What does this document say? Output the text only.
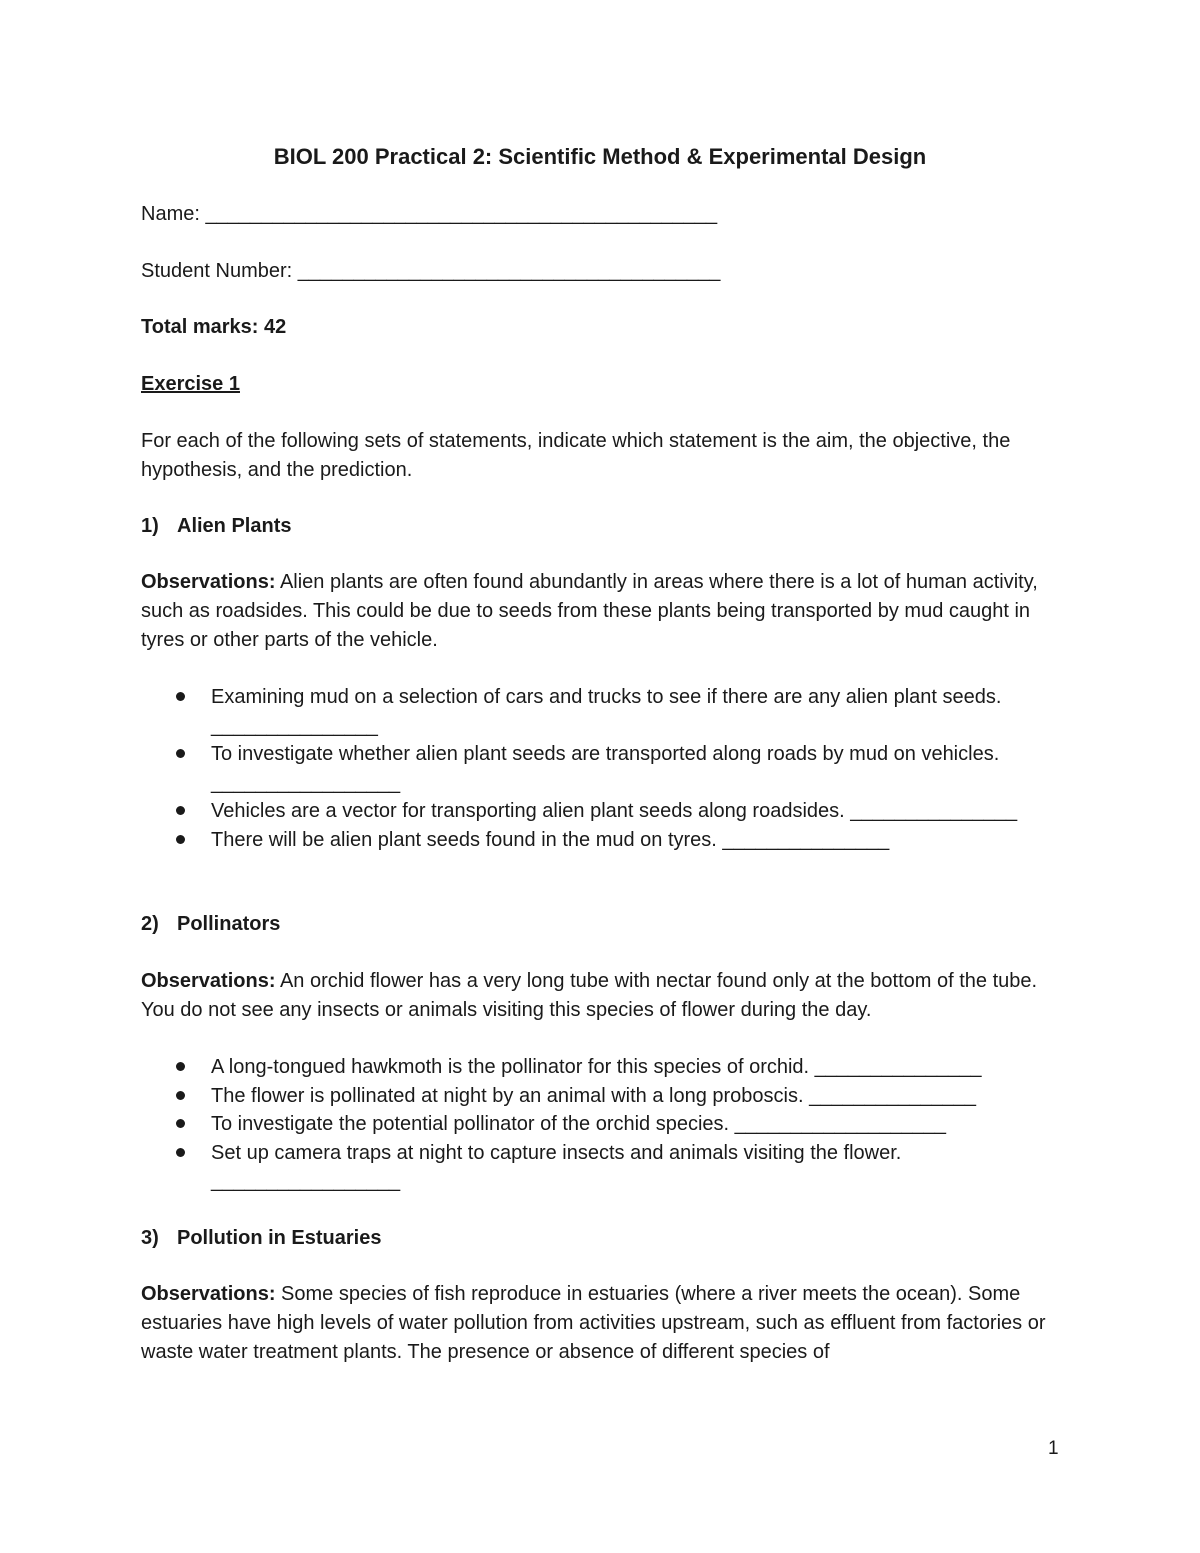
BIOL 200 Practical 2: Scientific Method & Experimental Design

Name: ______________________________________________

Student Number: ______________________________________

Total marks: 42

Exercise 1

For each of the following sets of statements, indicate which statement is the aim, the objective, the hypothesis, and the prediction.

1) Alien Plants

Observations: Alien plants are often found abundantly in areas where there is a lot of human activity, such as roadsides. This could be due to seeds from these plants being transported by mud caught in tyres or other parts of the vehicle.

Examining mud on a selection of cars and trucks to see if there are any alien plant seeds. _______________
To investigate whether alien plant seeds are transported along roads by mud on vehicles. _________________
Vehicles are a vector for transporting alien plant seeds along roadsides. _______________
There will be alien plant seeds found in the mud on tyres. _______________

2) Pollinators

Observations: An orchid flower has a very long tube with nectar found only at the bottom of the tube. You do not see any insects or animals visiting this species of flower during the day.

A long-tongued hawkmoth is the pollinator for this species of orchid. _______________
The flower is pollinated at night by an animal with a long proboscis. _______________
To investigate the potential pollinator of the orchid species. ___________________
Set up camera traps at night to capture insects and animals visiting the flower. _________________

3) Pollution in Estuaries

Observations: Some species of fish reproduce in estuaries (where a river meets the ocean). Some estuaries have high levels of water pollution from activities upstream, such as effluent from factories or waste water treatment plants. The presence or absence of different species of

1
